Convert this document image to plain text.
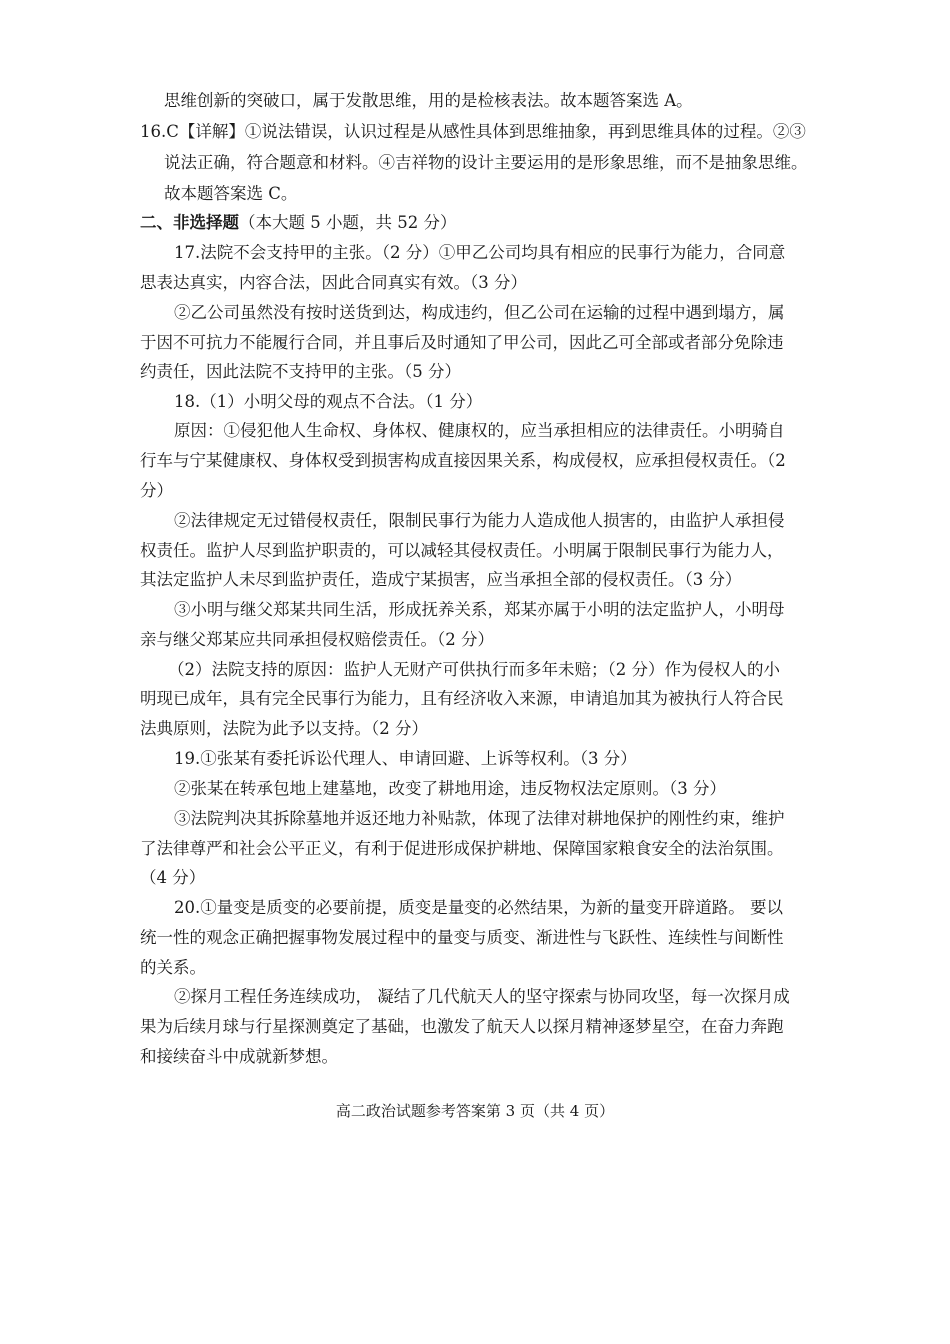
思维创新的突破口，属于发散思维，用的是检核表法。故本题答案选 A。
16.C【详解】①说法错误，认识过程是从感性具体到思维抽象，再到思维具体的过程。②③
说法正确，符合题意和材料。④吉祥物的设计主要运用的是形象思维，而不是抽象思维。
故本题答案选 C。
二、非选择题（本大题 5 小题，共 52 分）
17.法院不会支持甲的主张。（2 分）①甲乙公司均具有相应的民事行为能力，合同意
思表达真实，内容合法，因此合同真实有效。（3 分）
②乙公司虽然没有按时送货到达，构成违约，但乙公司在运输的过程中遇到塌方，属
于因不可抗力不能履行合同，并且事后及时通知了甲公司，因此乙可全部或者部分免除违
约责任，因此法院不支持甲的主张。（5 分）
18.（1）小明父母的观点不合法。（1 分）
原因：①侵犯他人生命权、身体权、健康权的，应当承担相应的法律责任。小明骑自
行车与宁某健康权、身体权受到损害构成直接因果关系，构成侵权，应承担侵权责任。（2
分）
②法律规定无过错侵权责任，限制民事行为能力人造成他人损害的，由监护人承担侵
权责任。监护人尽到监护职责的，可以减轻其侵权责任。小明属于限制民事行为能力人，
其法定监护人未尽到监护责任，造成宁某损害，应当承担全部的侵权责任。（3 分）
③小明与继父郑某共同生活，形成抚养关系，郑某亦属于小明的法定监护人，小明母
亲与继父郑某应共同承担侵权赔偿责任。（2 分）
（2）法院支持的原因：监护人无财产可供执行而多年未赔；（2 分）作为侵权人的小
明现已成年，具有完全民事行为能力，且有经济收入来源，申请追加其为被执行人符合民
法典原则，法院为此予以支持。（2 分）
19.①张某有委托诉讼代理人、申请回避、上诉等权利。（3 分）
②张某在转承包地上建墓地，改变了耕地用途，违反物权法定原则。（3 分）
③法院判决其拆除墓地并返还地力补贴款，体现了法律对耕地保护的刚性约束，维护
了法律尊严和社会公平正义，有利于促进形成保护耕地、保障国家粮食安全的法治氛围。
（4 分）
20.①量变是质变的必要前提，质变是量变的必然结果，为新的量变开辟道路。 要以
统一性的观念正确把握事物发展过程中的量变与质变、渐进性与飞跃性、连续性与间断性
的关系。
②探月工程任务连续成功， 凝结了几代航天人的坚守探索与协同攻坚，每一次探月成
果为后续月球与行星探测奠定了基础，也激发了航天人以探月精神逐梦星空，在奋力奔跑
和接续奋斗中成就新梦想。
高二政治试题参考答案第 3 页（共 4 页）
